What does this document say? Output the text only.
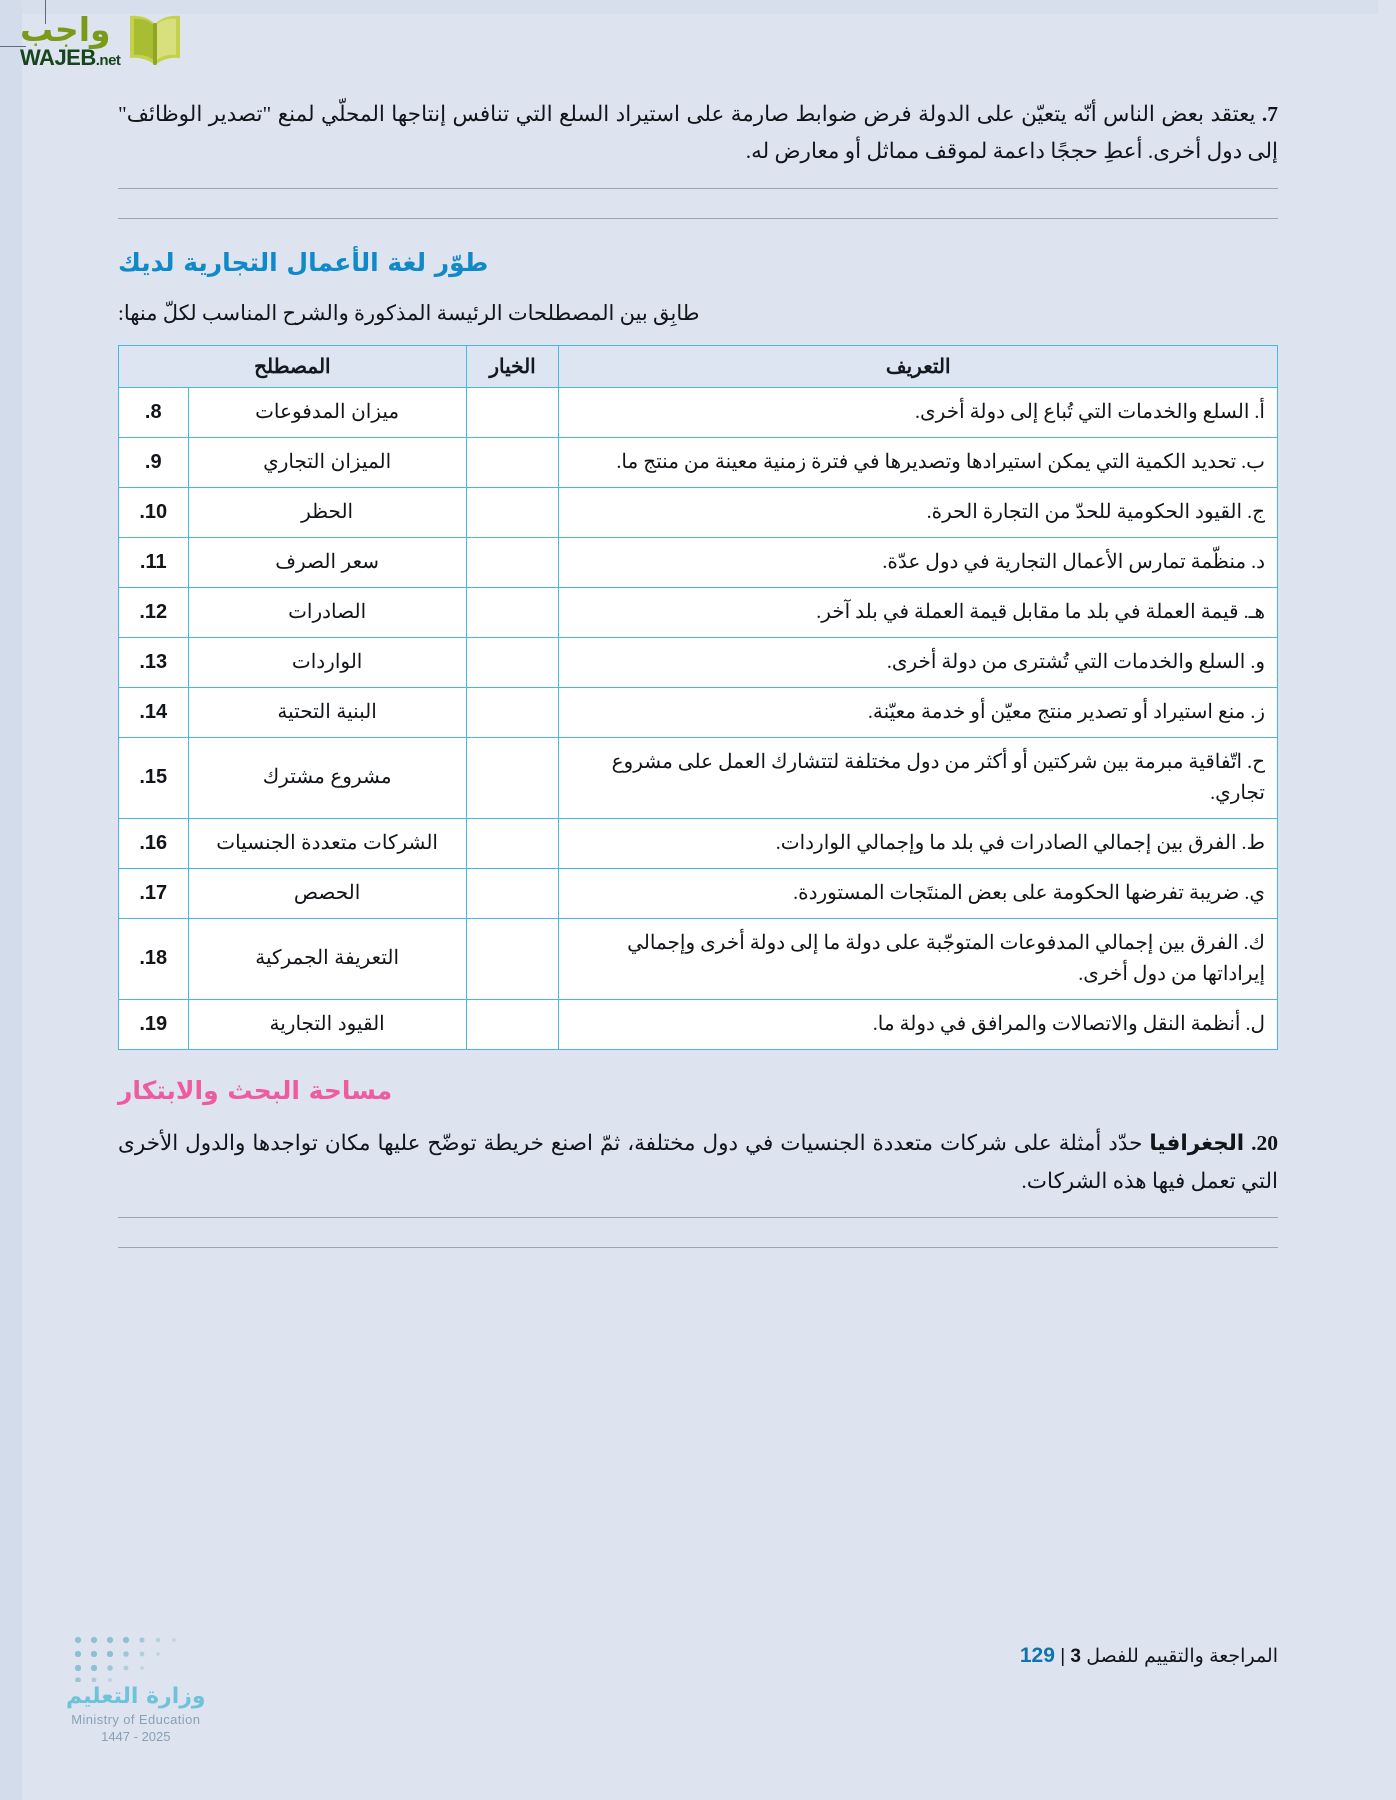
واجب
WAJEB.net
7. يعتقد بعض الناس أنّه يتعيّن على الدولة فرض ضوابط صارمة على استيراد السلع التي تنافس إنتاجها المحلّي لمنع "تصدير الوظائف" إلى دول أخرى. أعطِ حججًا داعمة لموقف مماثل أو معارض له.
طوّر لغة الأعمال التجارية لديك
طابِق بين المصطلحات الرئيسة المذكورة والشرح المناسب لكلّ منها:
التعريف	الخيار	المصطلح	
أ. السلع والخدمات التي تُباع إلى دولة أخرى.		ميزان المدفوعات	8.
ب. تحديد الكمية التي يمكن استيرادها وتصديرها في فترة زمنية معينة من منتج ما.		الميزان التجاري	9.
ج. القيود الحكومية للحدّ من التجارة الحرة.		الحظر	10.
د. منظّمة تمارس الأعمال التجارية في دول عدّة.		سعر الصرف	11.
هـ. قيمة العملة في بلد ما مقابل قيمة العملة في بلد آخر.		الصادرات	12.
و. السلع والخدمات التي تُشترى من دولة أخرى.		الواردات	13.
ز. منع استيراد أو تصدير منتج معيّن أو خدمة معيّنة.		البنية التحتية	14.
ح. اتّفاقية مبرمة بين شركتين أو أكثر من دول مختلفة لتتشارك العمل على مشروع تجاري.		مشروع مشترك	15.
ط. الفرق بين إجمالي الصادرات في بلد ما وإجمالي الواردات.		الشركات متعددة الجنسيات	16.
ي. ضريبة تفرضها الحكومة على بعض المنتَجات المستوردة.		الحصص	17.
ك. الفرق بين إجمالي المدفوعات المتوجّبة على دولة ما إلى دولة أخرى وإجمالي إيراداتها من دول أخرى.		التعريفة الجمركية	18.
ل. أنظمة النقل والاتصالات والمرافق في دولة ما.		القيود التجارية	19.
مساحة البحث والابتكار
20. الجغرافيا حدّد أمثلة على شركات متعددة الجنسيات في دول مختلفة، ثمّ اصنع خريطة توضّح عليها مكان تواجدها والدول الأخرى التي تعمل فيها هذه الشركات.
المراجعة والتقييم للفصل 3 | 129
وزارة التعليم
Ministry of Education
2025 - 1447
